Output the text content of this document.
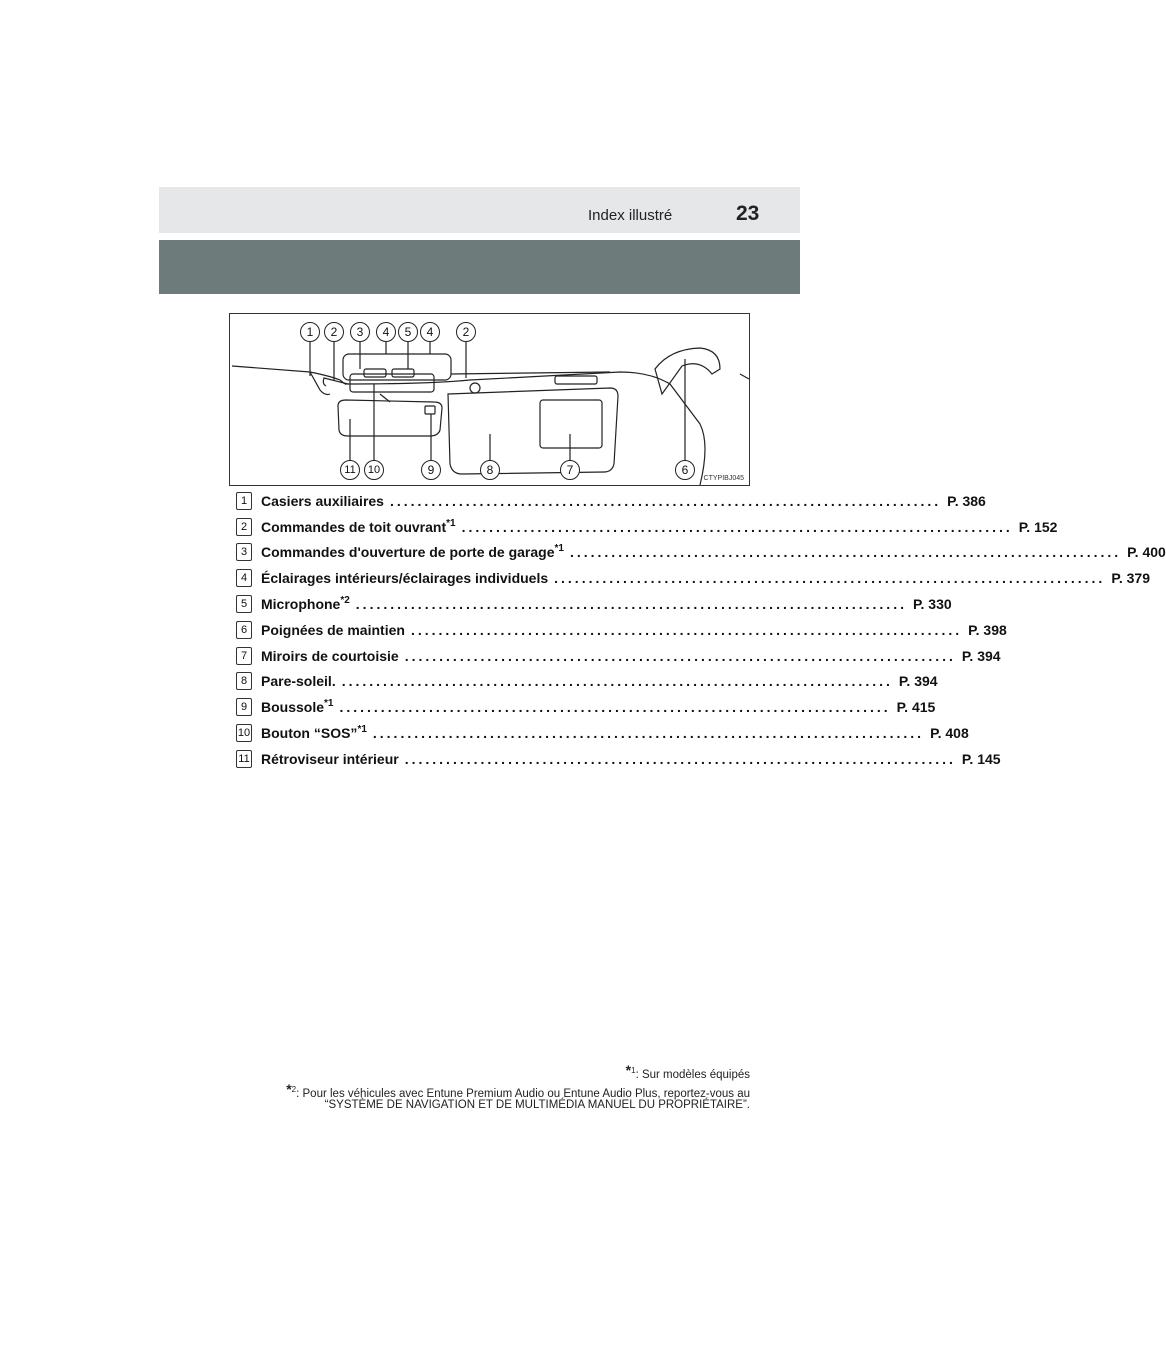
Index illustré	23
1	2	3	4	5	4	2
11	10	9	8	7	6
CTYPIBJ045
1 Casiers auxiliaires ................................................................................ P. 386
2 Commandes de toit ouvrant$^{*1}$ ................................................................................ P. 152
3 Commandes d'ouverture de porte de garage$^{*1}$ ................................................................................ P. 400
4 Éclairages intérieurs/éclairages individuels ................................................................................ P. 379
5 Microphone$^{*2}$ ................................................................................ P. 330
6 Poignées de maintien ................................................................................ P. 398
7 Miroirs de courtoisie ................................................................................ P. 394
8 Pare-soleil. ................................................................................ P. 394
9 Boussole$^{*1}$ ................................................................................ P. 415
10 Bouton “SOS”$^{*1}$ ................................................................................ P. 408
11 Rétroviseur intérieur ................................................................................ P. 145
*$^1$: Sur modèles équipés
*$^2$: Pour les véhicules avec Entune Premium Audio ou Entune Audio Plus, reportez-vous au
“SYSTÈME DE NAVIGATION ET DE MULTIMÉDIA MANUEL DU PROPRIÉTAIRE”.
